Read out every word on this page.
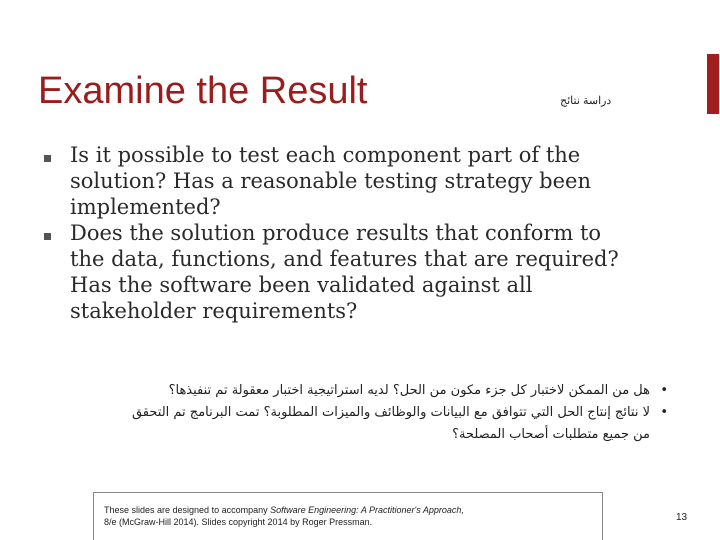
Examine the Result	دراسة نتائج
Is it possible to test each component part of the solution? Has a reasonable testing strategy been implemented?
Does the solution produce results that conform to the data, functions, and features that are required? Has the software been validated against all stakeholder requirements?
•
هل من الممكن لاختبار كل جزء مكون من الحل؟ لديه استراتيجية اختبار معقولة تم تنفيذها؟
•
لا نتائج إنتاج الحل التي تتوافق مع البيانات والوظائف والميزات المطلوبة؟ تمت البرنامج تم التحقق
من جميع متطلبات أصحاب المصلحة؟
These slides are designed to accompany Software Engineering: A Practitioner's Approach,
8/e (McGraw-Hill 2014). Slides copyright 2014 by Roger Pressman.	13
